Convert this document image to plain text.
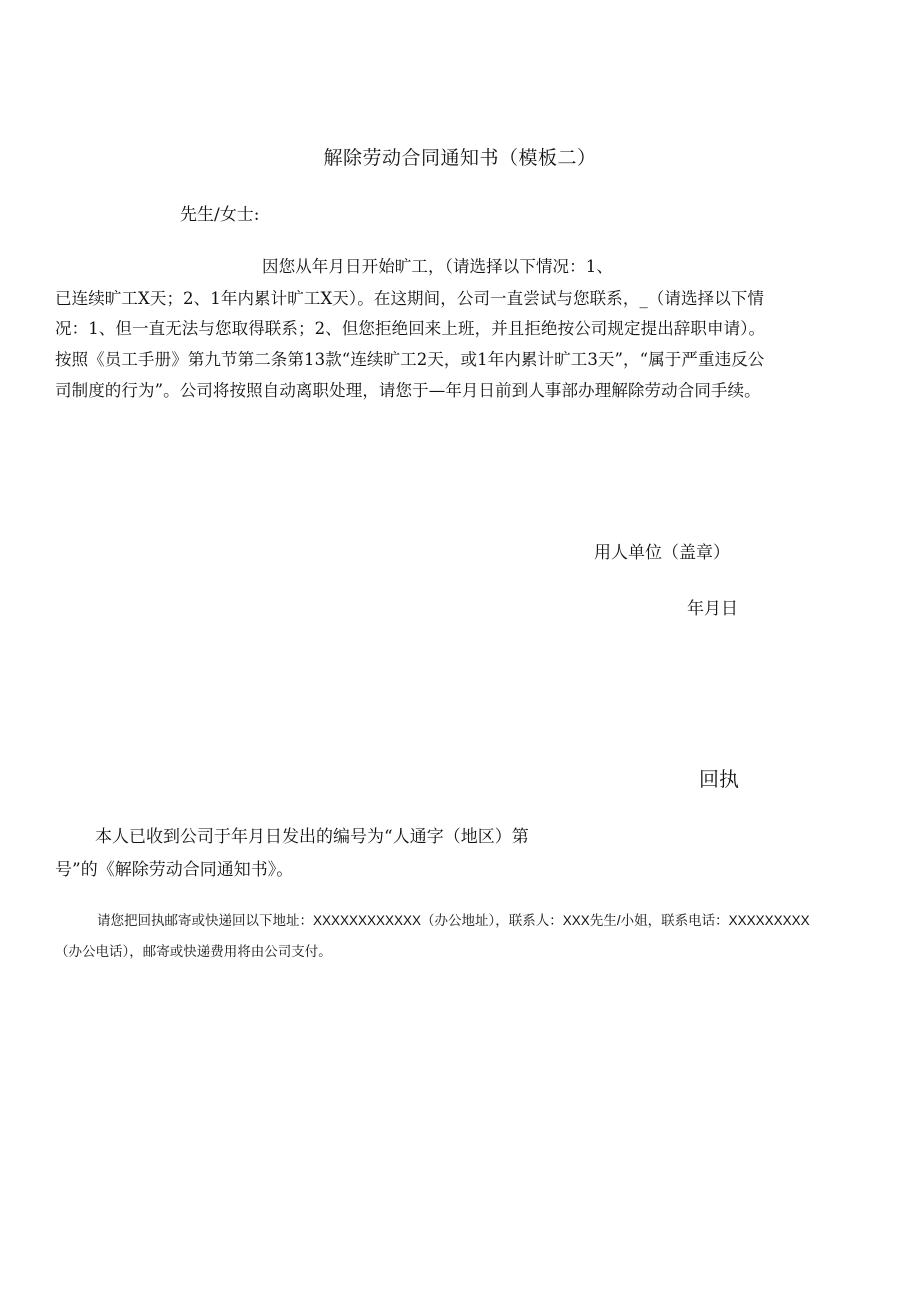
解除劳动合同通知书（模板二）
先生/女士:
因您从年月日开始旷工，（请选择以下情况：1、
已连续旷工X天；2、1年内累计旷工X天）。在这期间，公司一直尝试与您联系，_（请选择以下情
况：1、但一直无法与您取得联系；2、但您拒绝回来上班，并且拒绝按公司规定提出辞职申请）。
按照《员工手册》第九节第二条第13款“连续旷工2天，或1年内累计旷工3天”，“属于严重违反公
司制度的行为”。公司将按照自动离职处理，请您于—年月日前到人事部办理解除劳动合同手续。
用人单位（盖章）
年月日
回执
本人已收到公司于年月日发出的编号为“人通字（地区）第
号”的《解除劳动合同通知书》。
请您把回执邮寄或快递回以下地址：XXXXXXXXXXXX（办公地址），联系人：XXX先生/小姐，联系电话：XXXXXXXXX
（办公电话），邮寄或快递费用将由公司支付。
